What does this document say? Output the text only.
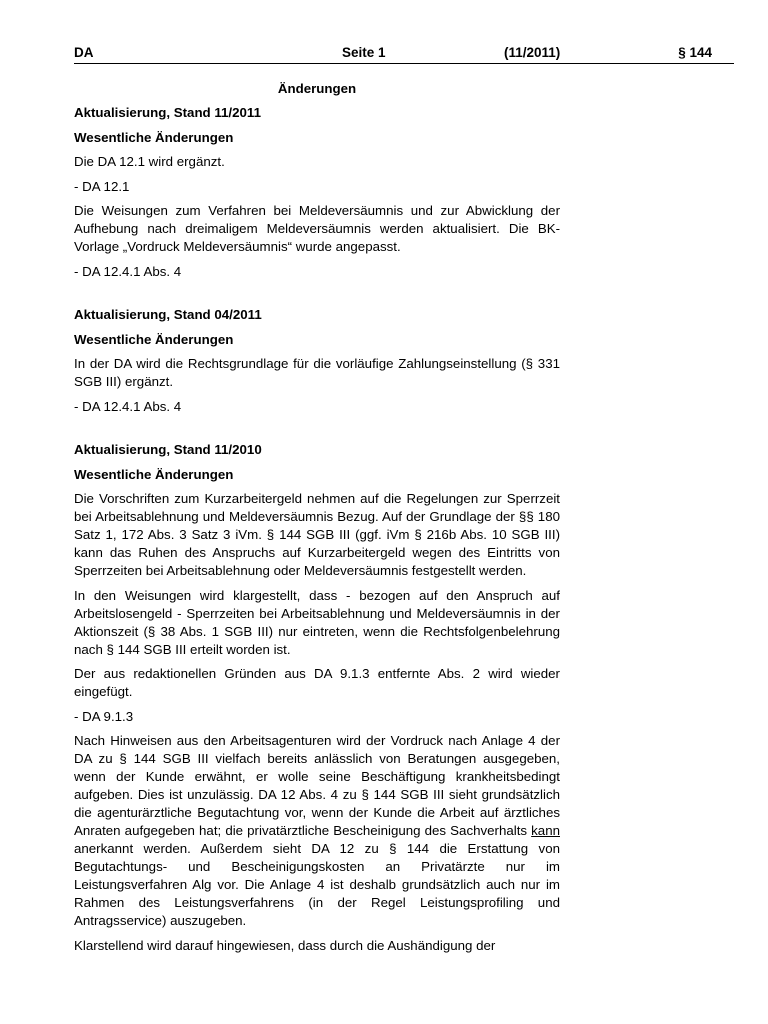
DA	Seite 1	(11/2011)	§ 144

Änderungen

Aktualisierung, Stand 11/2011

Wesentliche Änderungen

Die DA 12.1 wird ergänzt.

- DA 12.1

Die Weisungen zum Verfahren bei Meldeversäumnis und zur Abwicklung der Aufhebung nach dreimaligem Meldeversäumnis werden aktualisiert. Die BK-Vorlage „Vordruck Meldeversäumnis“ wurde angepasst.

- DA 12.4.1 Abs. 4

Aktualisierung, Stand 04/2011

Wesentliche Änderungen

In der DA wird die Rechtsgrundlage für die vorläufige Zahlungseinstellung (§ 331 SGB III) ergänzt.

- DA 12.4.1 Abs. 4

Aktualisierung, Stand 11/2010

Wesentliche Änderungen

Die Vorschriften zum Kurzarbeitergeld nehmen auf die Regelungen zur Sperrzeit bei Arbeitsablehnung und Meldeversäumnis Bezug. Auf der Grundlage der §§ 180 Satz 1, 172 Abs. 3 Satz 3 iVm. § 144 SGB III (ggf. iVm § 216b Abs. 10 SGB III) kann das Ruhen des Anspruchs auf Kurzarbeitergeld wegen des Eintritts von Sperrzeiten bei Arbeitsablehnung oder Meldeversäumnis festgestellt werden.

In den Weisungen wird klargestellt, dass - bezogen auf den Anspruch auf Arbeitslosengeld - Sperrzeiten bei Arbeitsablehnung und Meldeversäumnis in der Aktionszeit (§ 38 Abs. 1 SGB III) nur eintreten, wenn die Rechtsfolgenbelehrung nach § 144 SGB III erteilt worden ist.

Der aus redaktionellen Gründen aus DA 9.1.3 entfernte Abs. 2 wird wieder eingefügt.

- DA 9.1.3

Nach Hinweisen aus den Arbeitsagenturen wird der Vordruck nach Anlage 4 der DA zu § 144 SGB III vielfach bereits anlässlich von Beratungen ausgegeben, wenn der Kunde erwähnt, er wolle seine Beschäftigung krankheitsbedingt aufgeben. Dies ist unzulässig. DA 12 Abs. 4 zu § 144 SGB III sieht grundsätzlich die agenturärztliche Begutachtung vor, wenn der Kunde die Arbeit auf ärztliches Anraten aufgegeben hat; die privatärztliche Bescheinigung des Sachverhalts kann anerkannt werden. Außerdem sieht DA 12 zu § 144 die Erstattung von Begutachtungs- und Bescheinigungskosten an Privatärzte nur im Leistungsverfahren Alg vor. Die Anlage 4 ist deshalb grundsätzlich auch nur im Rahmen des Leistungsverfahrens (in der Regel Leistungsprofiling und Antragsservice) auszugeben.

Klarstellend wird darauf hingewiesen, dass durch die Aushändigung der
